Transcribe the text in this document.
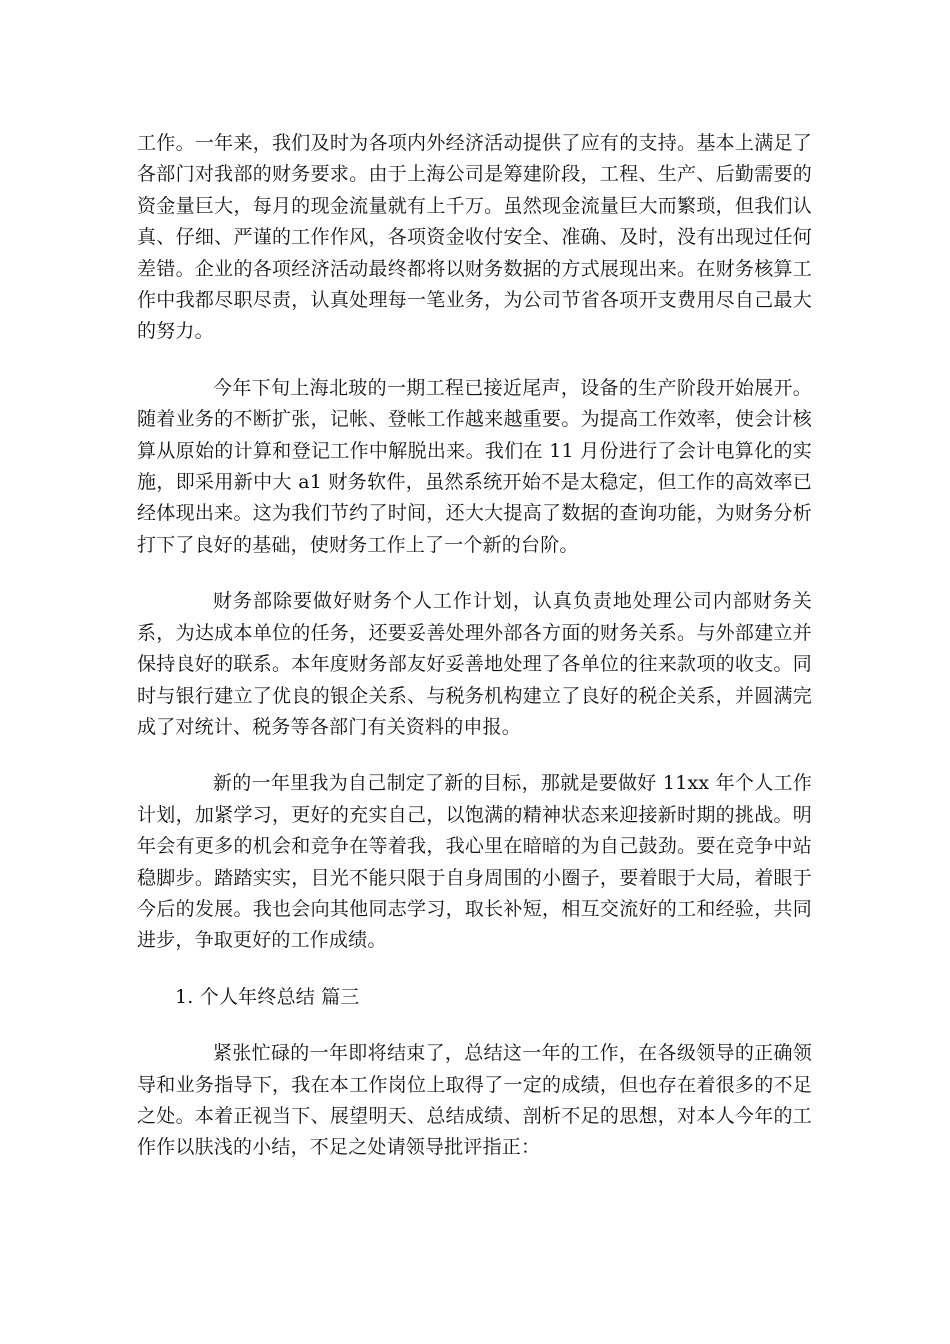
工作。一年来，我们及时为各项内外经济活动提供了应有的支持。基本上满足了各部门对我部的财务要求。由于上海公司是筹建阶段，工程、生产、后勤需要的资金量巨大，每月的现金流量就有上千万。虽然现金流量巨大而繁琐，但我们认真、仔细、严谨的工作作风，各项资金收付安全、准确、及时，没有出现过任何差错。企业的各项经济活动最终都将以财务数据的方式展现出来。在财务核算工作中我都尽职尽责，认真处理每一笔业务，为公司节省各项开支费用尽自己最大的努力。

今年下旬上海北玻的一期工程已接近尾声，设备的生产阶段开始展开。随着业务的不断扩张，记帐、登帐工作越来越重要。为提高工作效率，使会计核算从原始的计算和登记工作中解脱出来。我们在 11 月份进行了会计电算化的实施，即采用新中大 a1 财务软件，虽然系统开始不是太稳定，但工作的高效率已经体现出来。这为我们节约了时间，还大大提高了数据的查询功能，为财务分析打下了良好的基础，使财务工作上了一个新的台阶。

财务部除要做好财务个人工作计划，认真负责地处理公司内部财务关系，为达成本单位的任务，还要妥善处理外部各方面的财务关系。与外部建立并保持良好的联系。本年度财务部友好妥善地处理了各单位的往来款项的收支。同时与银行建立了优良的银企关系、与税务机构建立了良好的税企关系，并圆满完成了对统计、税务等各部门有关资料的申报。

新的一年里我为自己制定了新的目标，那就是要做好 11xx 年个人工作计划，加紧学习，更好的充实自己，以饱满的精神状态来迎接新时期的挑战。明年会有更多的机会和竞争在等着我，我心里在暗暗的为自己鼓劲。要在竞争中站稳脚步。踏踏实实，目光不能只限于自身周围的小圈子，要着眼于大局，着眼于今后的发展。我也会向其他同志学习，取长补短，相互交流好的工和经验，共同进步，争取更好的工作成绩。

1. 个人年终总结 篇三

紧张忙碌的一年即将结束了，总结这一年的工作，在各级领导的正确领导和业务指导下，我在本工作岗位上取得了一定的成绩，但也存在着很多的不足之处。本着正视当下、展望明天、总结成绩、剖析不足的思想，对本人今年的工作作以肤浅的小结，不足之处请领导批评指正：
